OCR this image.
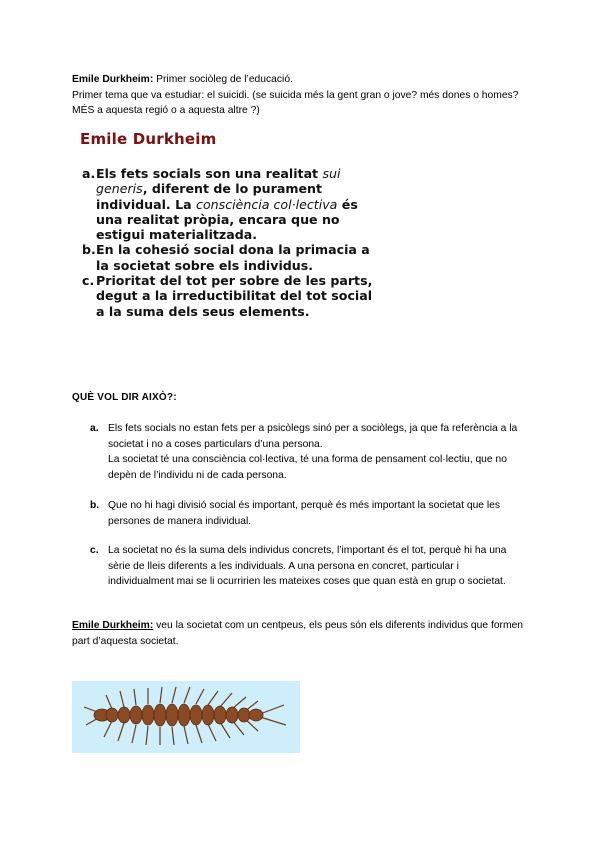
Emile Durkheim: Primer sociòleg de l’educació.
Primer tema que va estudiar: el suicidi. (se suicida més la gent gran o jove? més dones o homes? MÉS a aquesta regió o a aquesta altre ?)
Emile Durkheim
a. Els fets socials son una realitat sui generis, diferent de lo purament individual. La consciència col·lectiva és una realitat pròpia, encara que no estigui materialitzada.
b. En la cohesió social dona la primacia a la societat sobre els individus.
c. Prioritat del tot per sobre de les parts, degut a la irreductibilitat del tot social a la suma dels seus elements.
QUÈ VOL DIR AIXÒ?:
a. Els fets socials no estan fets per a psicòlegs sinó per a sociòlegs, ja que fa referència a la societat i no a coses particulars d’una persona.
La societat té una consciència col·lectiva, té una forma de pensament col·lectiu, que no depèn de l’individu ni de cada persona.
b. Que no hi hagi divisió social és important, perquè és més important la societat que les persones de manera individual.
c. La societat no és la suma dels individus concrets, l’important és el tot, perquè hi ha una sèrie de lleis diferents a les individuals. A una persona en concret, particular i individualment mai se li ocurririen les mateixes coses que quan està en grup o societat.
Emile Durkheim: veu la societat com un centpeus, els peus són els diferents individus que formen part d’aquesta societat.
